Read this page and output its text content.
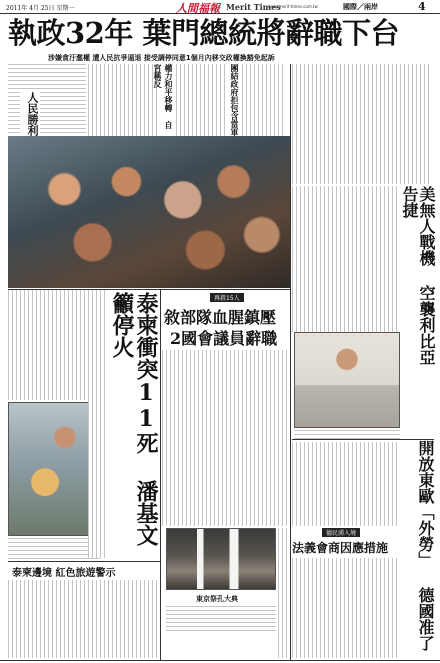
2011年 4月 25日 星期一	人間福報 Merit Times
www.merit-times.com.tw	國際／兩岸	4
執政32年 葉門總統將辭職下台
涉嫌貪汙濫權 遭人民抗爭逼退 接受調停同意1個月內移交政權換豁免起訴
人民勝利	權力和平移轉 自宮稱反	團結政府拒包含當軍
美無人戰機 空襲利比亞告捷
泰柬衝突11死 潘基文籲停火	再殺15人
敘部隊血腥鎮壓
2國會議員辭職
東京祭孔大典	開放東歐「外勞」 德國准了
德民湧入境
法義會商因應措施
泰柬邊境 紅色旅遊警示
